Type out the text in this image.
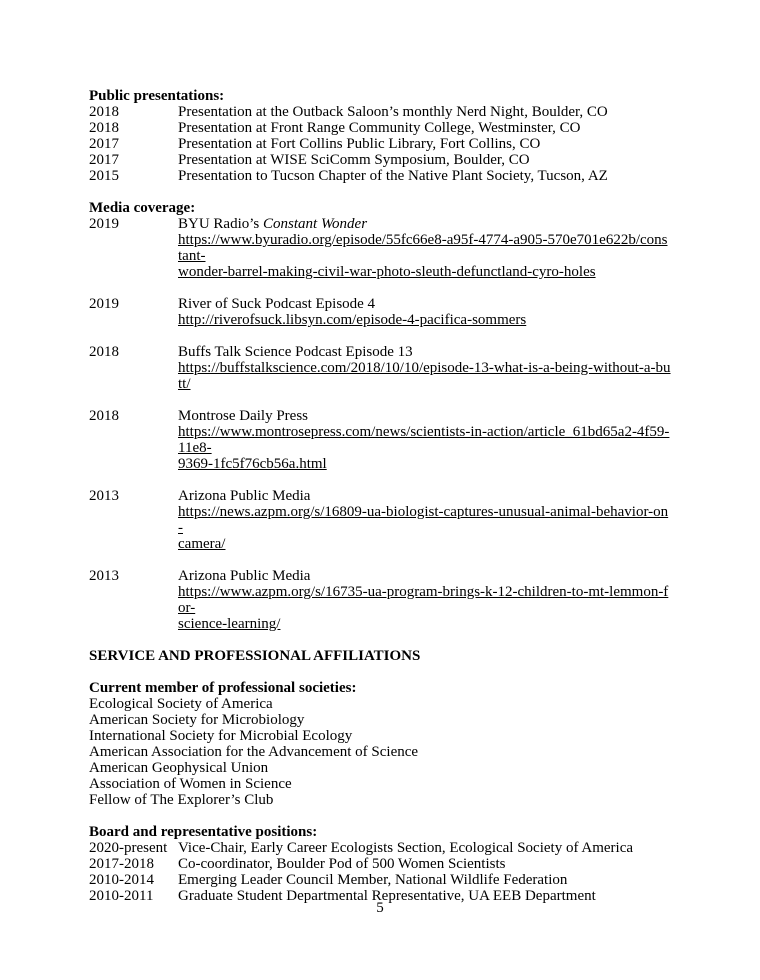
Public presentations:
2018	Presentation at the Outback Saloon’s monthly Nerd Night, Boulder, CO
2018	Presentation at Front Range Community College, Westminster, CO
2017	Presentation at Fort Collins Public Library, Fort Collins, CO
2017	Presentation at WISE SciComm Symposium, Boulder, CO
2015	Presentation to Tucson Chapter of the Native Plant Society, Tucson, AZ
Media coverage:
2019	BYU Radio’s Constant Wonder
https://www.byuradio.org/episode/55fc66e8-a95f-4774-a905-570e701e622b/constant-
wonder-barrel-making-civil-war-photo-sleuth-defunctland-cyro-holes
2019	River of Suck Podcast Episode 4
http://riverofsuck.libsyn.com/episode-4-pacifica-sommers
2018	Buffs Talk Science Podcast Episode 13
https://buffstalkscience.com/2018/10/10/episode-13-what-is-a-being-without-a-butt/
2018	Montrose Daily Press
https://www.montrosepress.com/news/scientists-in-action/article_61bd65a2-4f59-11e8-
9369-1fc5f76cb56a.html
2013	Arizona Public Media
https://news.azpm.org/s/16809-ua-biologist-captures-unusual-animal-behavior-on-
camera/
2013	Arizona Public Media
https://www.azpm.org/s/16735-ua-program-brings-k-12-children-to-mt-lemmon-for-
science-learning/
SERVICE AND PROFESSIONAL AFFILIATIONS
Current member of professional societies:
Ecological Society of America
American Society for Microbiology
International Society for Microbial Ecology
American Association for the Advancement of Science
American Geophysical Union
Association of Women in Science
Fellow of The Explorer’s Club
Board and representative positions:
2020-present Vice-Chair, Early Career Ecologists Section, Ecological Society of America
2017-2018	Co-coordinator, Boulder Pod of 500 Women Scientists
2010-2014	Emerging Leader Council Member, National Wildlife Federation
2010-2011	Graduate Student Departmental Representative, UA EEB Department
5
